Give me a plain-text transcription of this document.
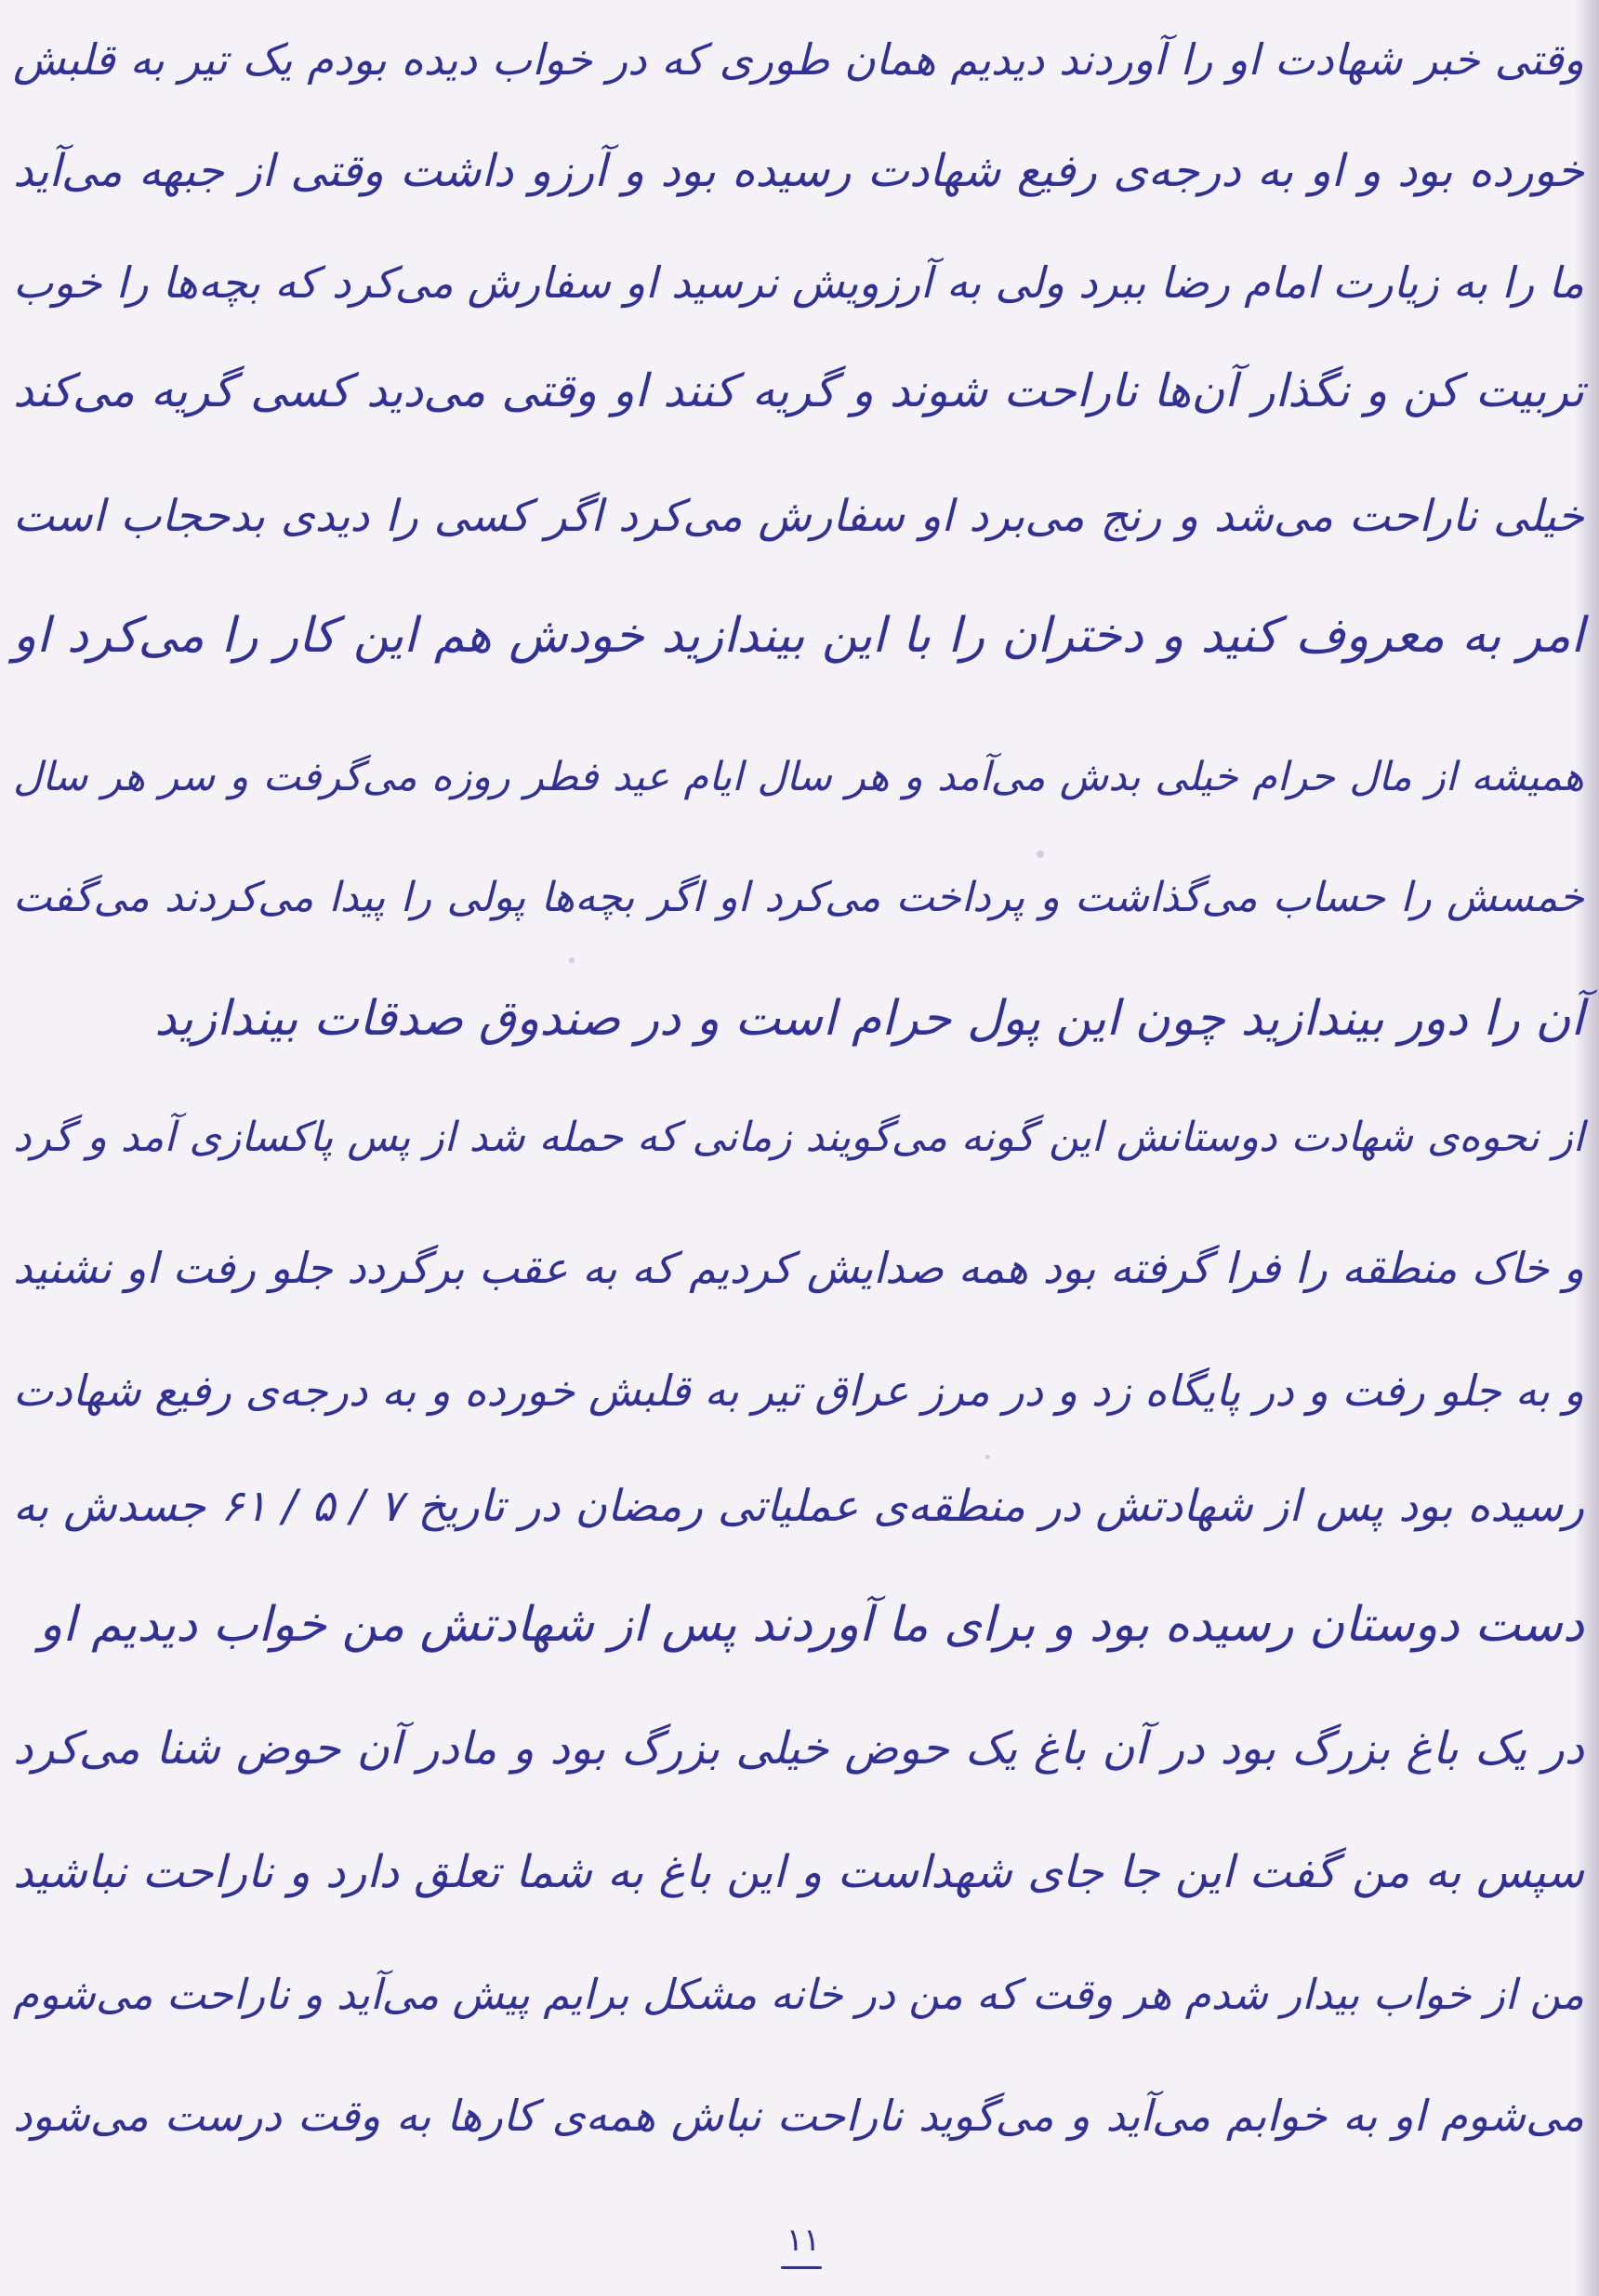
وقتی خبر شهادت او را آوردند دیدیم همان طوری که در خواب دیده بودم یک تیر به قلبش
خورده بود و او به درجه‌ی رفیع شهادت رسیده بود و آرزو داشت وقتی از جبهه می‌آید
ما را به زیارت امام رضا ببرد ولی به آرزویش نرسید او سفارش می‌کرد که بچه‌ها را خوب
تربیت کن و نگذار آن‌ها ناراحت شوند و گریه کنند او وقتی می‌دید کسی گریه می‌کند
خیلی ناراحت می‌شد و رنج می‌برد او سفارش می‌کرد اگر کسی را دیدی بدحجاب است
امر به معروف کنید و دختران را با این بیندازید خودش هم این کار را می‌کرد او
همیشه از مال حرام خیلی بدش می‌آمد و هر سال ایام عید فطر روزه می‌گرفت و سر هر سال
خمسش را حساب می‌گذاشت و پرداخت می‌کرد او اگر بچه‌ها پولی را پیدا می‌کردند می‌گفت
آن را دور بیندازید چون این پول حرام است و در صندوق صدقات بیندازید
از نحوه‌ی شهادت دوستانش این گونه می‌گویند زمانی که حمله شد از پس پاکسازی آمد و گرد
و خاک منطقه را فرا گرفته بود همه صدایش کردیم که به عقب برگردد جلو رفت او نشنید
و به جلو رفت و در پایگاه زد و در مرز عراق تیر به قلبش خورده و به درجه‌ی رفیع شهادت
رسیده بود پس از شهادتش در منطقه‌ی عملیاتی رمضان در تاریخ ۷ / ۵ / ۶۱ جسدش به
دست دوستان رسیده بود و برای ما آوردند پس از شهادتش من خواب دیدیم او
در یک باغ بزرگ بود در آن باغ یک حوض خیلی بزرگ بود و مادر آن حوض شنا می‌کرد
سپس به من گفت این جا جای شهداست و این باغ به شما تعلق دارد و ناراحت نباشید
من از خواب بیدار شدم هر وقت که من در خانه مشکل برایم پیش می‌آید و ناراحت می‌شوم
می‌شوم او به خوابم می‌آید و می‌گوید ناراحت نباش همه‌ی کارها به وقت درست می‌شود
۱۱
